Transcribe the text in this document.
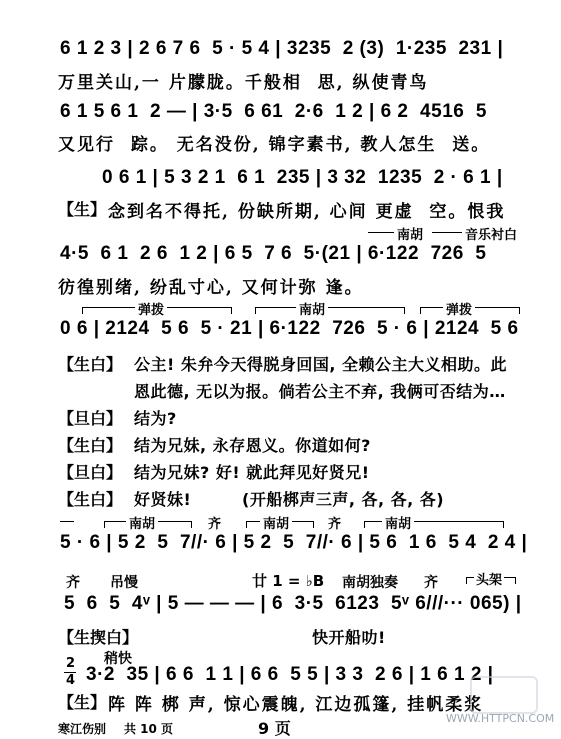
6 1 2 3 | 2 6 7 6  5 · 5 4 | 3235  2 (3)  1·235  231 |
万里关山,一 片朦胧。千般相  思, 纵使青鸟
6 1 5 6 1  2 — | 3·5  6 61  2·6  1 2 | 6 2  4516  5
又见行  踪。 无名没份, 锦字素书, 教人怎生  送。
0 6 1 | 5 3 2 1  6 1  235 | 3 32  1235  2 · 6 1 |
【生】 念到名不得托, 份缺所期, 心间 更虚  空。恨我
南胡	音乐衬白
4·5  6 1  2 6  1 2 | 6 5  7 6  5·(21 | 6·122  726  5
彷徨别绪, 纷乱寸心, 又何计弥 逢。
弹拨	南胡	弹拨
0 6 | 2124  5 6  5 · 21 | 6·122  726  5 · 6 | 2124  5 6
【生白】 公主! 朱弁今天得脱身回国, 全赖公主大义相助。此
恩此德, 无以为报。倘若公主不弃, 我俩可否结为…
【旦白】 结为?
【生白】 结为兄妹, 永存恩义。你道如何?
【旦白】 结为兄妹? 好! 就此拜见好贤兄!
【生白】 好贤妹!	(开船梆声三声, 各, 各, 各)
南胡	齐	南胡	齐	南胡
5 · 6 | 5 2  5  7//· 6 | 5 2  5  7//· 6 | 5 6  1 6  5 4  2 4 |
齐 吊慢	廿 1 = ♭B 南胡独奏 齐	头架
5  6  5  4ᵛ | 5 — — — | 6  3·5  6123  5ᵛ 6///··· 065) |
【生揳白】	快开船叻!
稍快
2
4 3·2  35 | 6 6  1 1 | 6 6  5 5 | 3 3  2 6 | 1 6 1 2 |
【生】 阵 阵 梆 声, 惊心震魄, 江边孤篷, 挂帆柔浆
WWW.HTTPCN.COM
寒江伤别 共 10 页	9 页
